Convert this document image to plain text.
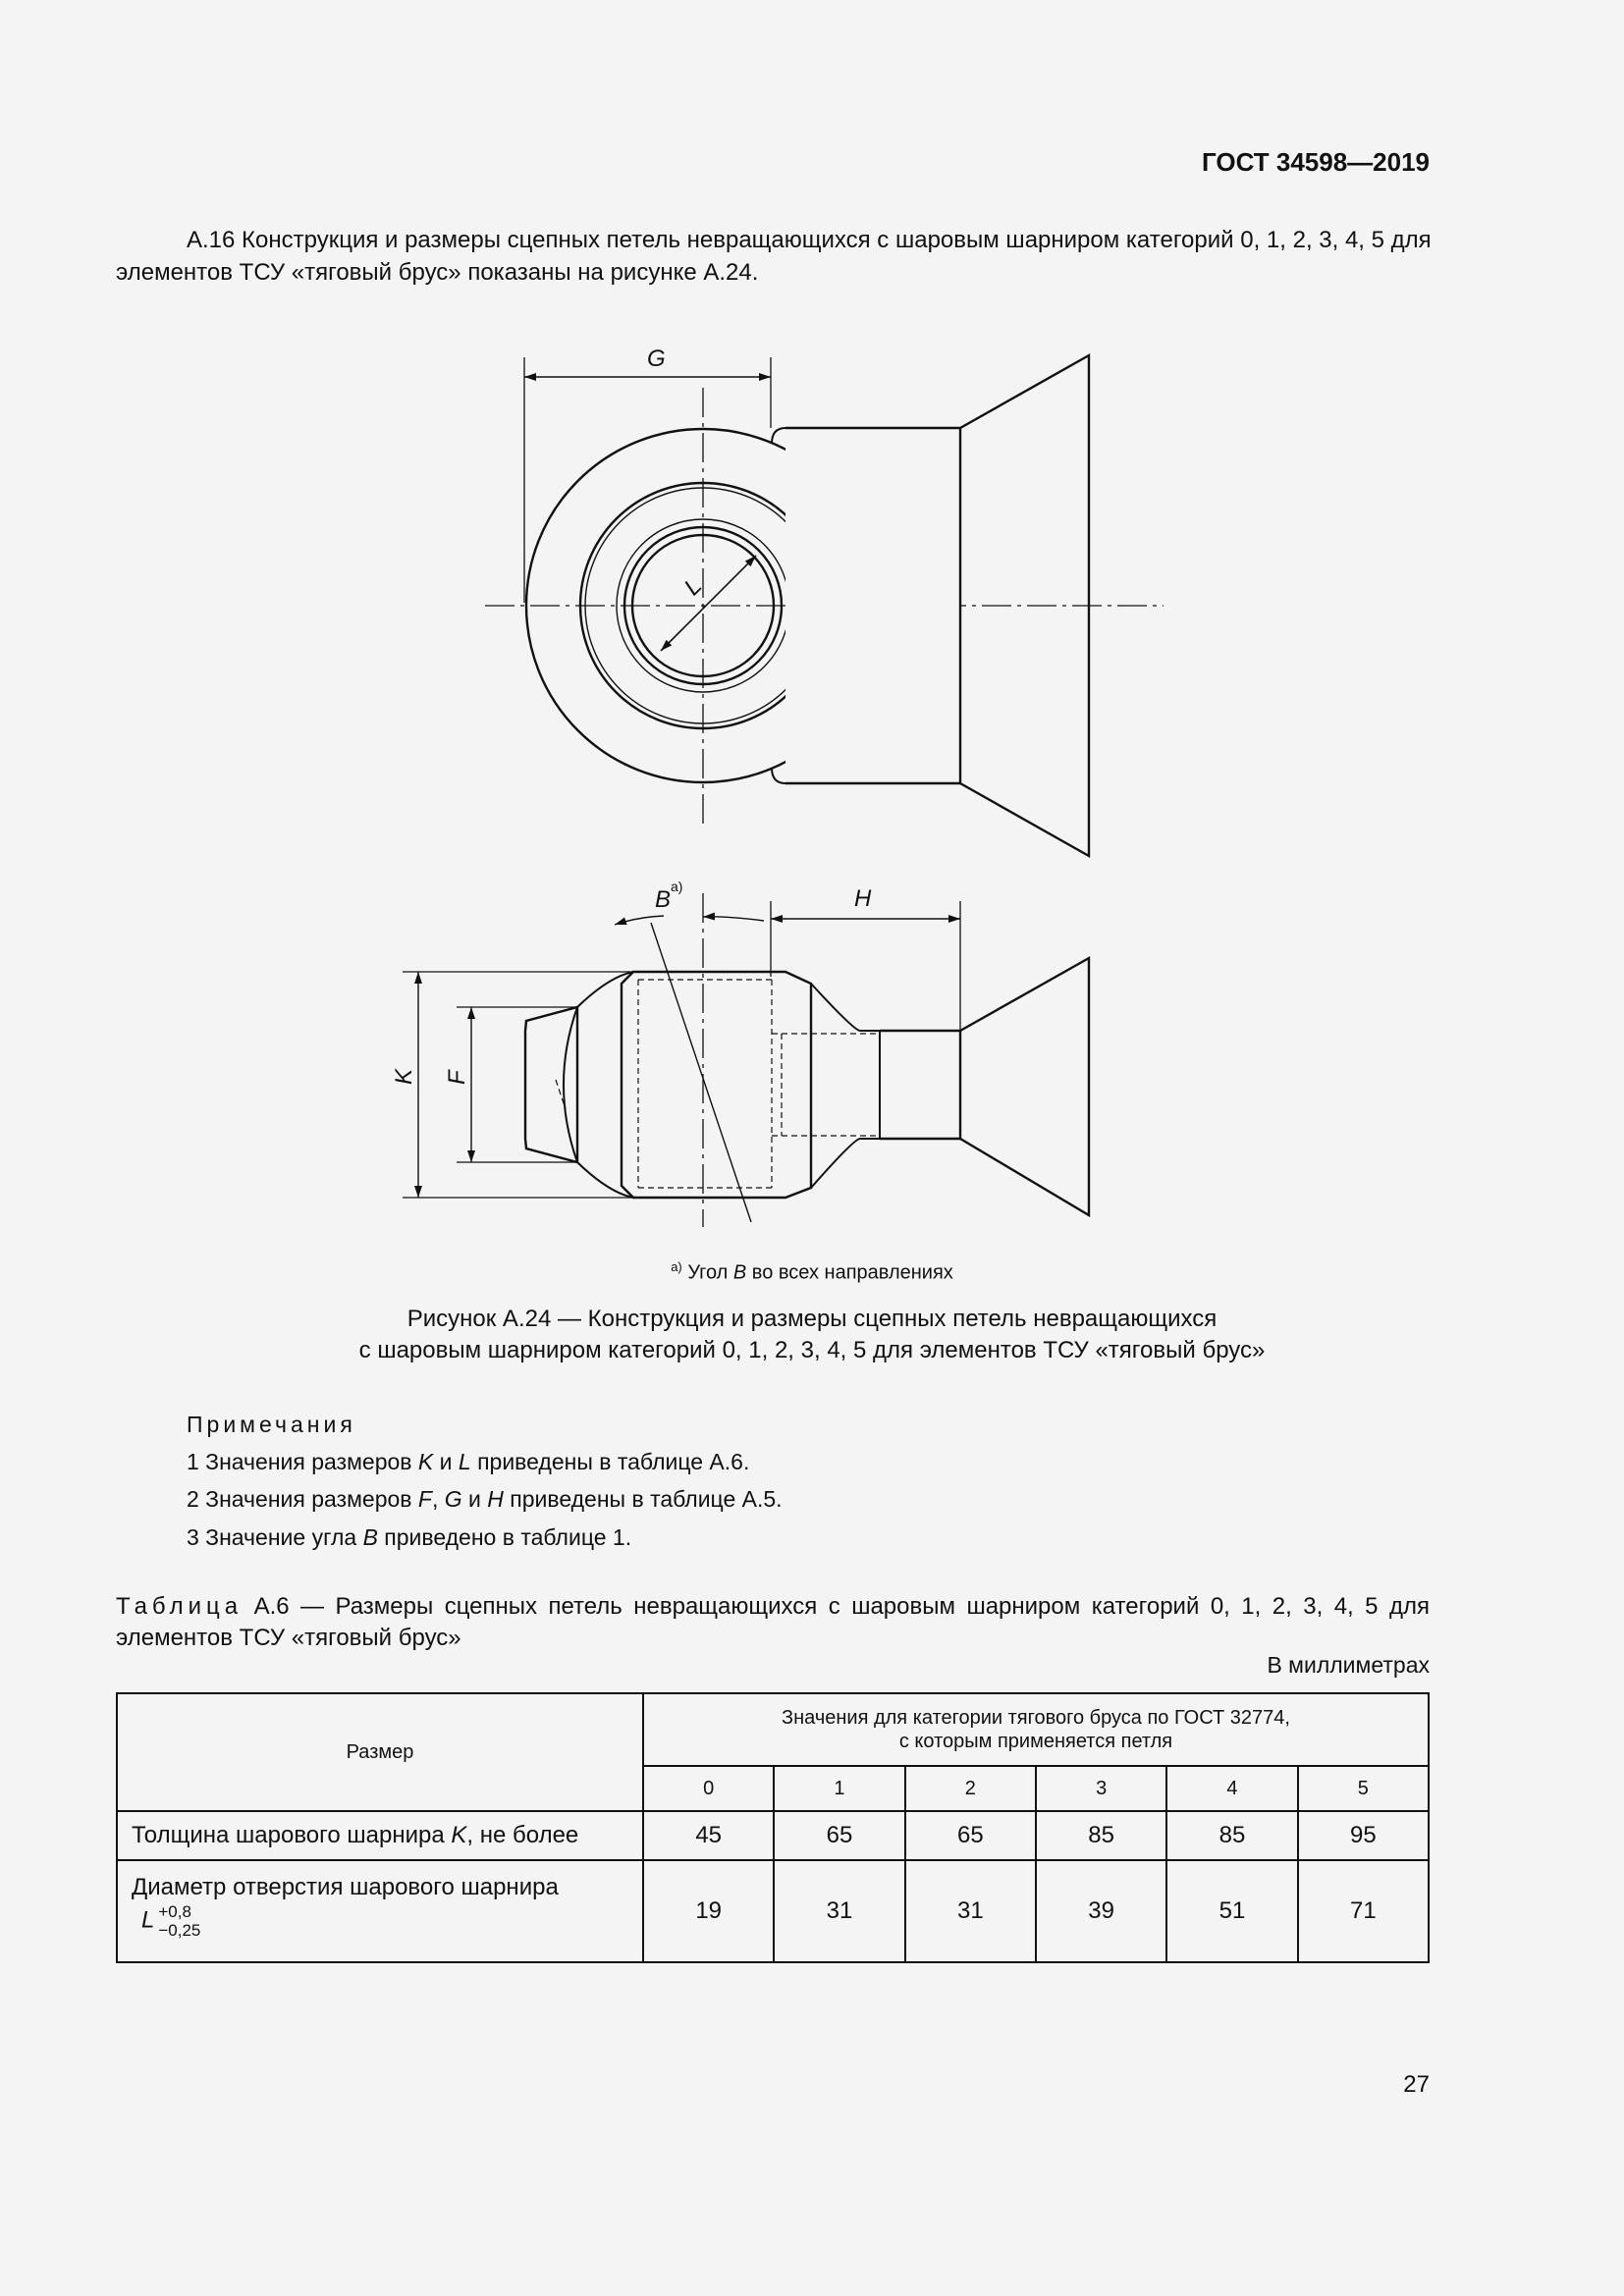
ГОСТ 34598—2019
А.16 Конструкция и размеры сцепных петель невращающихся с шаровым шарниром категорий 0, 1, 2, 3, 4, 5 для элементов ТСУ «тяговый брус» показаны на рисунке А.24.
G
L
B а)	H
K F
$^{а)}$ Угол B во всех направлениях
Рисунок А.24 — Конструкция и размеры сцепных петель невращающихся
с шаровым шарниром категорий 0, 1, 2, 3, 4, 5 для элементов ТСУ «тяговый брус»
Примечания
1 Значения размеров K и L приведены в таблице А.6.
2 Значения размеров F, G и H приведены в таблице А.5.
3 Значение угла B приведено в таблице 1.
Таблица А.6 — Размеры сцепных петель невращающихся с шаровым шарниром категорий 0, 1, 2, 3, 4, 5 для элементов ТСУ «тяговый брус»
В миллиметрах
Размер	Значения для категории тягового бруса по ГОСТ 32774,
с которым применяется петля					

	0	1	2	3	4	5
Толщина шарового шарнира K, не более	45	65	65	85	85	95

Диаметр отверстия шарового шарнира
L +0,8
−0,25	19	31	31	39	51	71
27
